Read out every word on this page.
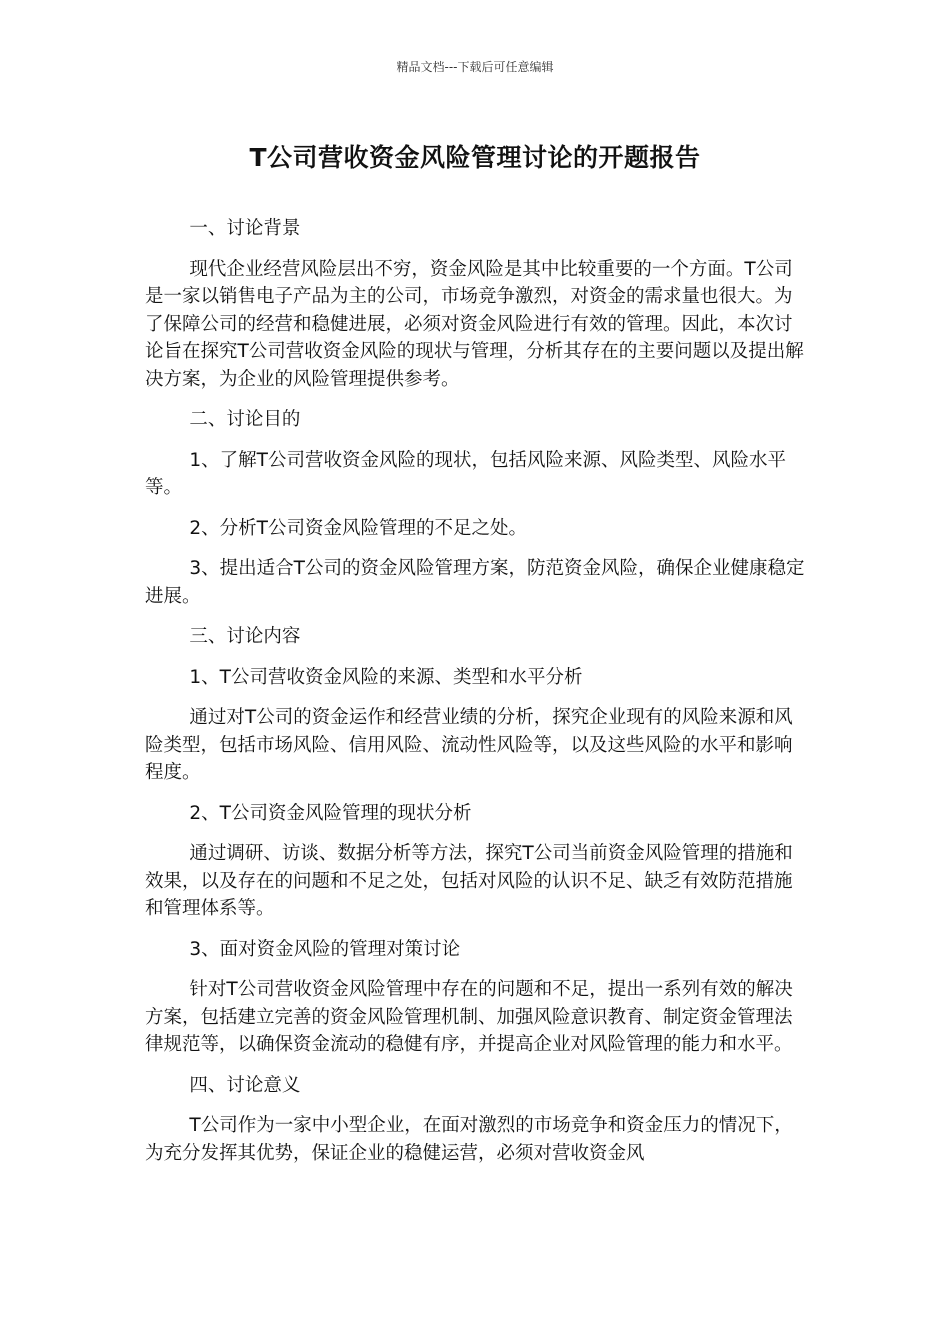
精品文档---下载后可任意编辑
T公司营收资金风险管理讨论的开题报告

一、讨论背景

现代企业经营风险层出不穷，资金风险是其中比较重要的一个方面。T公司是一家以销售电子产品为主的公司，市场竞争激烈，对资金的需求量也很大。为了保障公司的经营和稳健进展，必须对资金风险进行有效的管理。因此，本次讨论旨在探究T公司营收资金风险的现状与管理，分析其存在的主要问题以及提出解决方案，为企业的风险管理提供参考。

二、讨论目的

1、了解T公司营收资金风险的现状，包括风险来源、风险类型、风险水平等。

2、分析T公司资金风险管理的不足之处。

3、提出适合T公司的资金风险管理方案，防范资金风险，确保企业健康稳定进展。

三、讨论内容

1、T公司营收资金风险的来源、类型和水平分析

通过对T公司的资金运作和经营业绩的分析，探究企业现有的风险来源和风险类型，包括市场风险、信用风险、流动性风险等，以及这些风险的水平和影响程度。

2、T公司资金风险管理的现状分析

通过调研、访谈、数据分析等方法，探究T公司当前资金风险管理的措施和效果，以及存在的问题和不足之处，包括对风险的认识不足、缺乏有效防范措施和管理体系等。

3、面对资金风险的管理对策讨论

针对T公司营收资金风险管理中存在的问题和不足，提出一系列有效的解决方案，包括建立完善的资金风险管理机制、加强风险意识教育、制定资金管理法律规范等，以确保资金流动的稳健有序，并提高企业对风险管理的能力和水平。

四、讨论意义

T公司作为一家中小型企业，在面对激烈的市场竞争和资金压力的情况下，为充分发挥其优势，保证企业的稳健运营，必须对营收资金风
